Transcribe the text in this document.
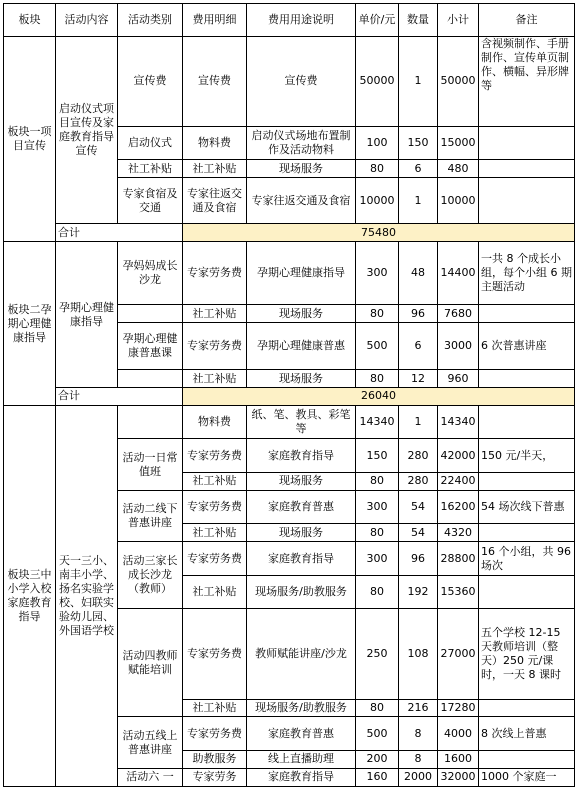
板块	活动内容	活动类别	费用明细	费用用途说明	单价/元	数量	小计	备注
板块一项目宣传	启动仪式项目宣传及家庭教育指导宣传	宣传费	宣传费	宣传费	50000	1	50000	含视频制作、手册制作、宣传单页制作、横幅、异形牌等
		启动仪式	物料费	启动仪式场地布置制作及活动物料	100	150	15000	
		社工补贴	社工补贴	现场服务	80	6	480	
		专家食宿及交通	专家往返交通及食宿	专家往返交通及食宿	10000	1	10000	
	合计		75480					
板块二孕期心理健康指导	孕期心理健康指导	孕妈妈成长沙龙	专家劳务费	孕期心理健康指导	300	48	14400	一共 8 个成长小组，每个小组 6 期主题活动
			社工补贴	现场服务	80	96	7680	
		孕期心理健康普惠课	专家劳务费	孕期心理健康普惠	500	6	3000	6 次普惠讲座
			社工补贴	现场服务	80	12	960	
	合计		26040					
板块三中小学入校家庭教育指导	天一三小、南丰小学、扬名实验学校、妇联实验幼儿园、外国语学校		物料费	纸、笔、教具、彩笔等	14340	1	14340	
		活动一日常值班	专家劳务费	家庭教育指导	150	280	42000	150 元/半天，
			社工补贴	现场服务	80	280	22400	
		活动二线下普惠讲座	专家劳务费	家庭教育普惠	300	54	16200	54 场次线下普惠
			社工补贴	现场服务	80	54	4320	
		活动三家长成长沙龙（教师）	专家劳务费	家庭教育指导	300	96	28800	16 个小组，共 96 场次
			社工补贴	现场服务/助教服务	80	192	15360	
		活动四教师赋能培训	专家劳务费	教师赋能讲座/沙龙	250	108	27000	五个学校 12-15 天教师培训（整天）250 元/课时，一天 8 课时
			社工补贴	现场服务/助教服务	80	216	17280	
		活动五线上普惠讲座	专家劳务费	家庭教育普惠	500	8	4000	8 次线上普惠
			助教服务	线上直播助理	200	8	1600	
		活动六 一	专家劳务	家庭教育指导	160	2000	32000	1000 个家庭一
